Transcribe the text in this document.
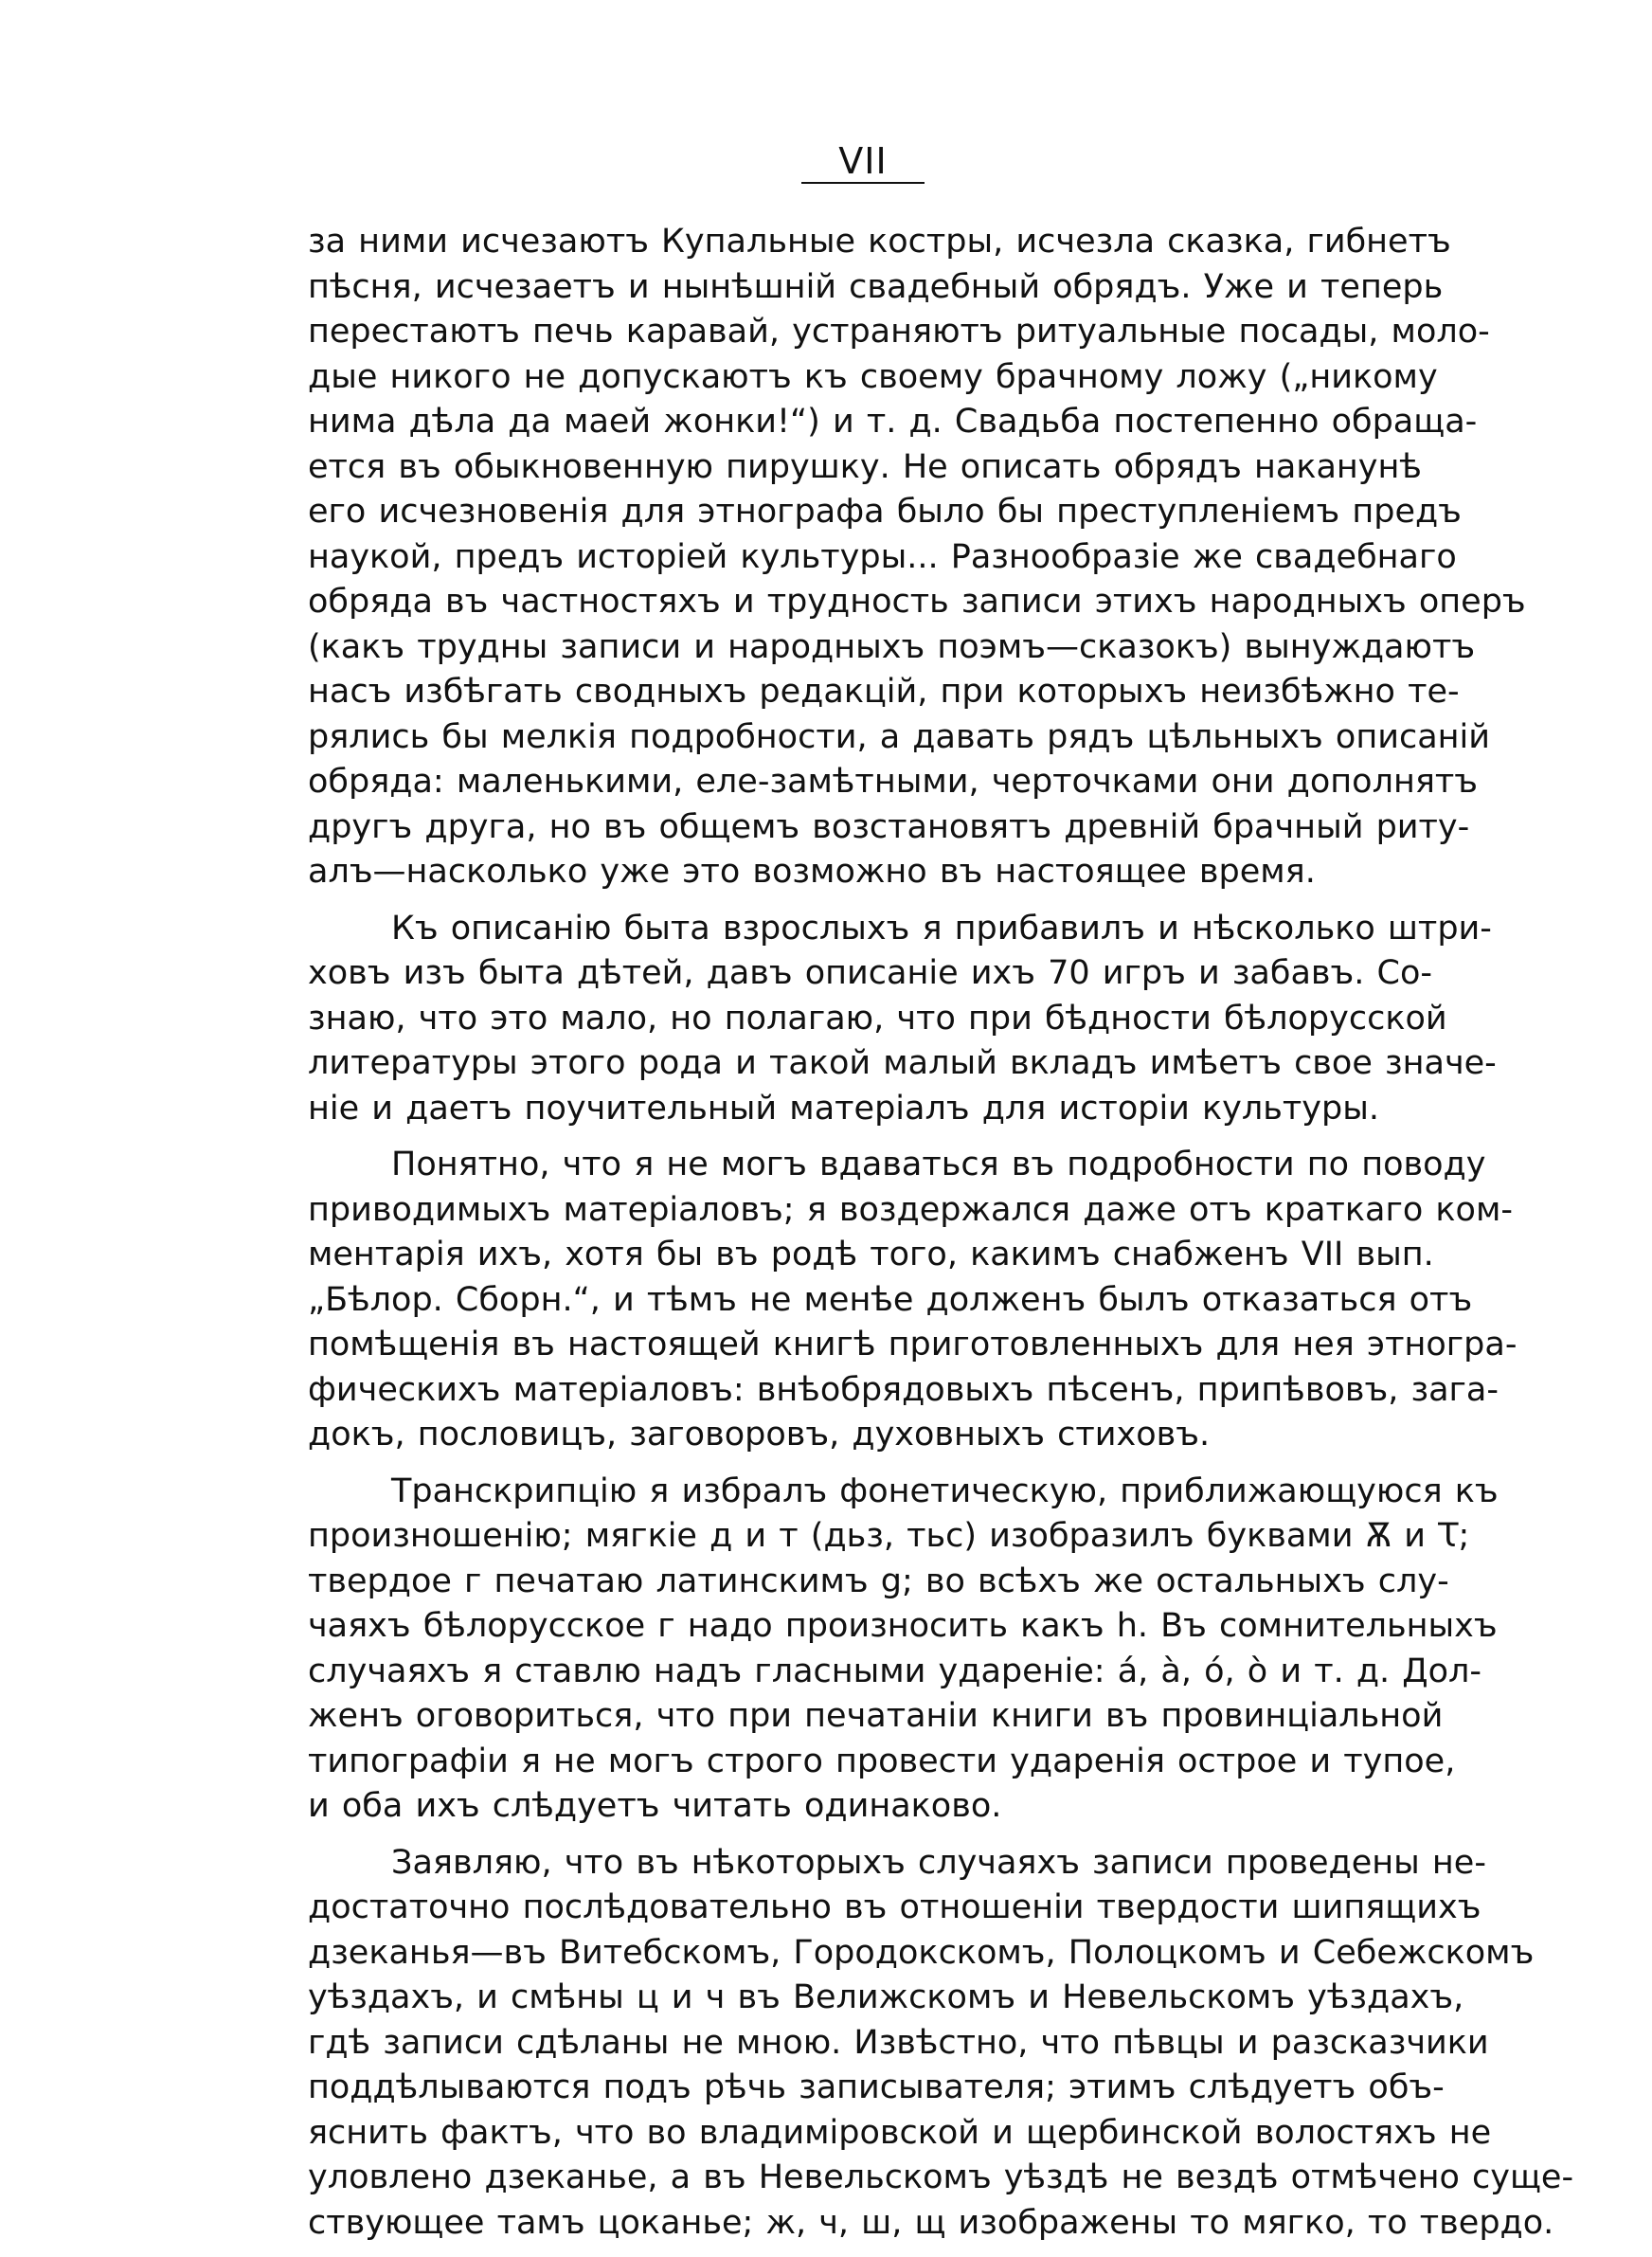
VII

за ними исчезаютъ Купальные костры, исчезла сказка, гибнетъ
пѣсня, исчезаетъ и нынѣшній свадебный обрядъ. Уже и теперь
перестаютъ печь каравай, устраняютъ ритуальные посады, моло-
дые никого не допускаютъ къ своему брачному ложу („никому
нима дѣла да маей жонки!“) и т. д. Свадьба постепенно обраща-
ется въ обыкновенную пирушку. Не описать обрядъ наканунѣ
его исчезновенія для этнографа было бы преступленіемъ предъ
наукой, предъ исторіей культуры... Разнообразіе же свадебнаго
обряда въ частностяхъ и трудность записи этихъ народныхъ оперъ
(какъ трудны записи и народныхъ поэмъ—сказокъ) вынуждаютъ
насъ избѣгать сводныхъ редакцій, при которыхъ неизбѣжно те-
рялись бы мелкія подробности, а давать рядъ цѣльныхъ описаній
обряда: маленькими, еле-замѣтными, черточками они дополнятъ
другъ друга, но въ общемъ возстановятъ древній брачный риту-
алъ—насколько уже это возможно въ настоящее время.

Къ описанію быта взрослыхъ я прибавилъ и нѣсколько штри-
ховъ изъ быта дѣтей, давъ описаніе ихъ 70 игръ и забавъ. Со-
знаю, что это мало, но полагаю, что при бѣдности бѣлорусской
литературы этого рода и такой малый вкладъ имѣетъ свое значе-
ніе и даетъ поучительный матеріалъ для исторіи культуры.

Понятно, что я не могъ вдаваться въ подробности по поводу
приводимыхъ матеріаловъ; я воздержался даже отъ краткаго ком-
ментарія ихъ, хотя бы въ родѣ того, какимъ снабженъ VII вып.
„Бѣлор. Сборн.“, и тѣмъ не менѣе долженъ былъ отказаться отъ
помѣщенія въ настоящей книгѣ приготовленныхъ для нея этногра-
фическихъ матеріаловъ: внѣобрядовыхъ пѣсенъ, припѣвовъ, зага-
докъ, пословицъ, заговоровъ, духовныхъ стиховъ.

Транскрипцію я избралъ фонетическую, приближающуюся къ
произношенію; мягкіе д и т (дьз, тьс) изобразилъ буквами Ѫ и Ꚍ;
твердое г печатаю латинскимъ g; во всѣхъ же остальныхъ слу-
чаяхъ бѣлорусское г надо произносить какъ h. Въ сомнительныхъ
случаяхъ я ставлю надъ гласными удареніе: á, à, ó, ò и т. д. Дол-
женъ оговориться, что при печатаніи книги въ провинціальной
типографіи я не могъ строго провести ударенія острое и тупое,
и оба ихъ слѣдуетъ читать одинаково.

Заявляю, что въ нѣкоторыхъ случаяхъ записи проведены не-
достаточно послѣдовательно въ отношеніи твердости шипящихъ
дзеканья—въ Витебскомъ, Городокскомъ, Полоцкомъ и Себежскомъ
уѣздахъ, и смѣны ц и ч въ Велижскомъ и Невельскомъ уѣздахъ,
гдѣ записи сдѣланы не мною. Извѣстно, что пѣвцы и разсказчики
поддѣлываются подъ рѣчь записывателя; этимъ слѣдуетъ объ-
яснить фактъ, что во владиміровской и щербинской волостяхъ не
уловлено дзеканье, а въ Невельскомъ уѣздѣ не вездѣ отмѣчено суще-
ствующее тамъ цоканье; ж, ч, ш, щ изображены то мягко, то твердо.
